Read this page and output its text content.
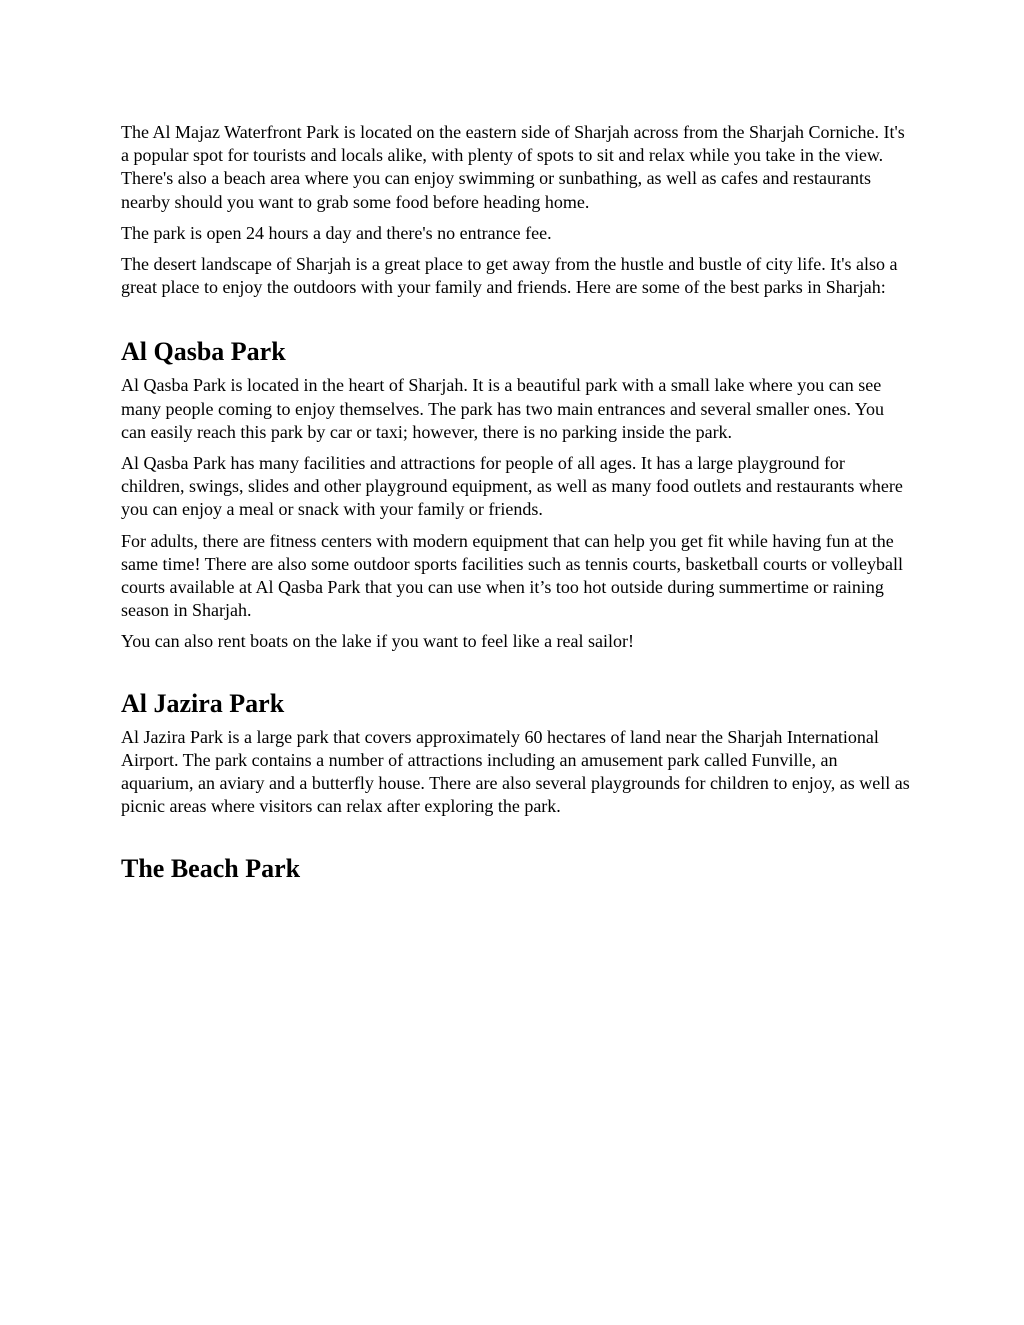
The Al Majaz Waterfront Park is located on the eastern side of Sharjah across from the Sharjah Corniche. It's a popular spot for tourists and locals alike, with plenty of spots to sit and relax while you take in the view. There's also a beach area where you can enjoy swimming or sunbathing, as well as cafes and restaurants nearby should you want to grab some food before heading home.

The park is open 24 hours a day and there's no entrance fee.

The desert landscape of Sharjah is a great place to get away from the hustle and bustle of city life. It's also a great place to enjoy the outdoors with your family and friends. Here are some of the best parks in Sharjah:

Al Qasba Park

Al Qasba Park is located in the heart of Sharjah. It is a beautiful park with a small lake where you can see many people coming to enjoy themselves. The park has two main entrances and several smaller ones. You can easily reach this park by car or taxi; however, there is no parking inside the park.

Al Qasba Park has many facilities and attractions for people of all ages. It has a large playground for children, swings, slides and other playground equipment, as well as many food outlets and restaurants where you can enjoy a meal or snack with your family or friends.

For adults, there are fitness centers with modern equipment that can help you get fit while having fun at the same time! There are also some outdoor sports facilities such as tennis courts, basketball courts or volleyball courts available at Al Qasba Park that you can use when it’s too hot outside during summertime or raining season in Sharjah.

You can also rent boats on the lake if you want to feel like a real sailor!

Al Jazira Park

Al Jazira Park is a large park that covers approximately 60 hectares of land near the Sharjah International Airport. The park contains a number of attractions including an amusement park called Funville, an aquarium, an aviary and a butterfly house. There are also several playgrounds for children to enjoy, as well as picnic areas where visitors can relax after exploring the park.

The Beach Park
